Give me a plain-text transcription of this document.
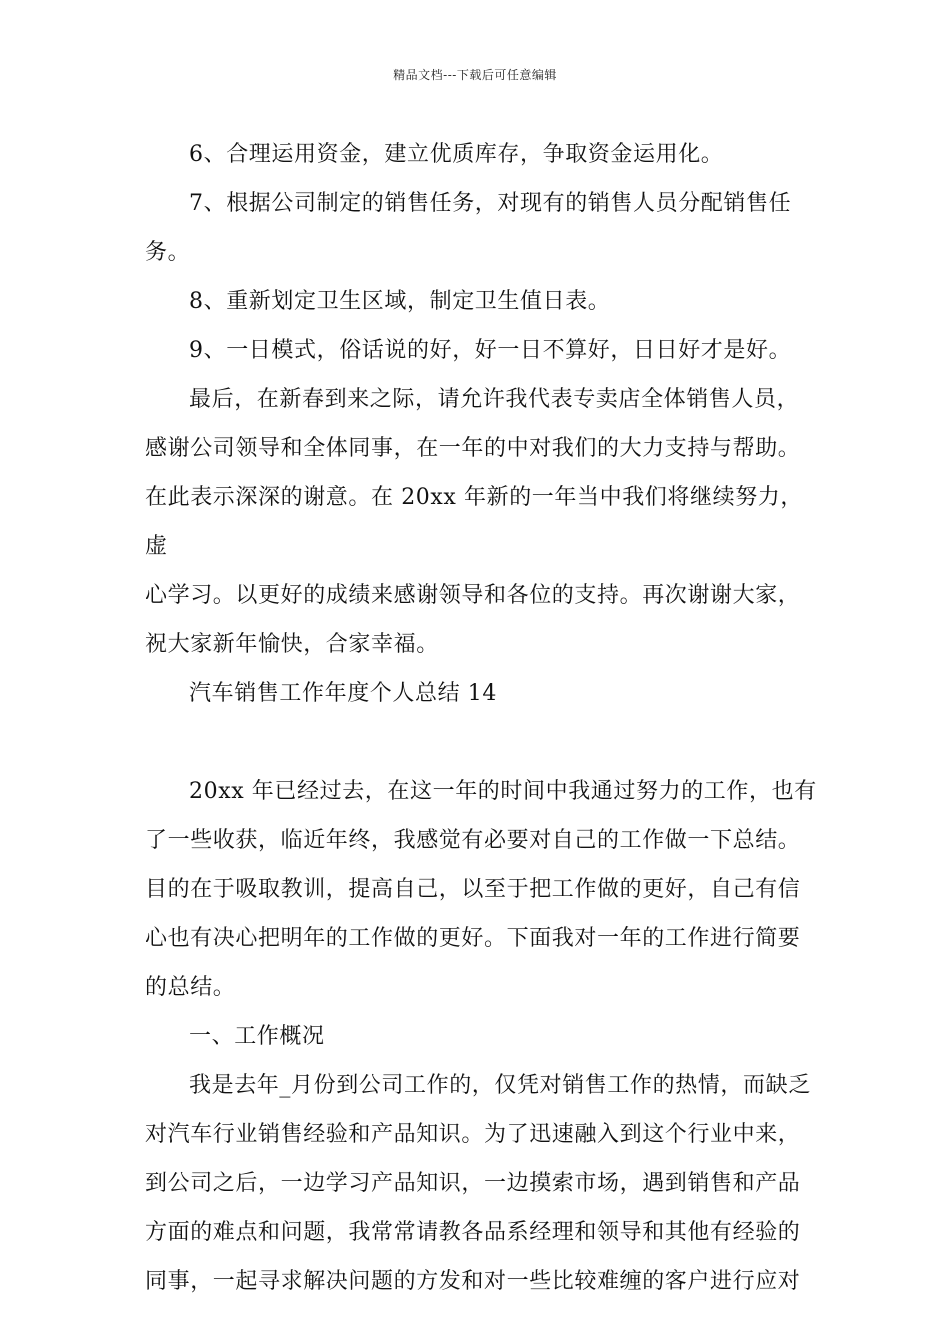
精品文档---下载后可任意编辑

6、合理运用资金，建立优质库存，争取资金运用化。

7、根据公司制定的销售任务，对现有的销售人员分配销售任务。

8、重新划定卫生区域，制定卫生值日表。

9、一日模式，俗话说的好，好一日不算好，日日好才是好。

最后，在新春到来之际，请允许我代表专卖店全体销售人员，

感谢公司领导和全体同事，在一年的中对我们的大力支持与帮助。

在此表示深深的谢意。在 20xx 年新的一年当中我们将继续努力，虚

心学习。以更好的成绩来感谢领导和各位的支持。再次谢谢大家，

祝大家新年愉快，合家幸福。

汽车销售工作年度个人总结 14

20xx 年已经过去，在这一年的时间中我通过努力的工作，也有

了一些收获，临近年终，我感觉有必要对自己的工作做一下总结。

目的在于吸取教训，提高自己，以至于把工作做的更好，自己有信

心也有决心把明年的工作做的更好。下面我对一年的工作进行简要

的总结。

一、工作概况

我是去年_月份到公司工作的，仅凭对销售工作的热情，而缺乏

对汽车行业销售经验和产品知识。为了迅速融入到这个行业中来，

到公司之后，一边学习产品知识，一边摸索市场，遇到销售和产品

方面的难点和问题，我常常请教各品系经理和领导和其他有经验的

同事，一起寻求解决问题的方发和对一些比较难缠的客户进行应对
